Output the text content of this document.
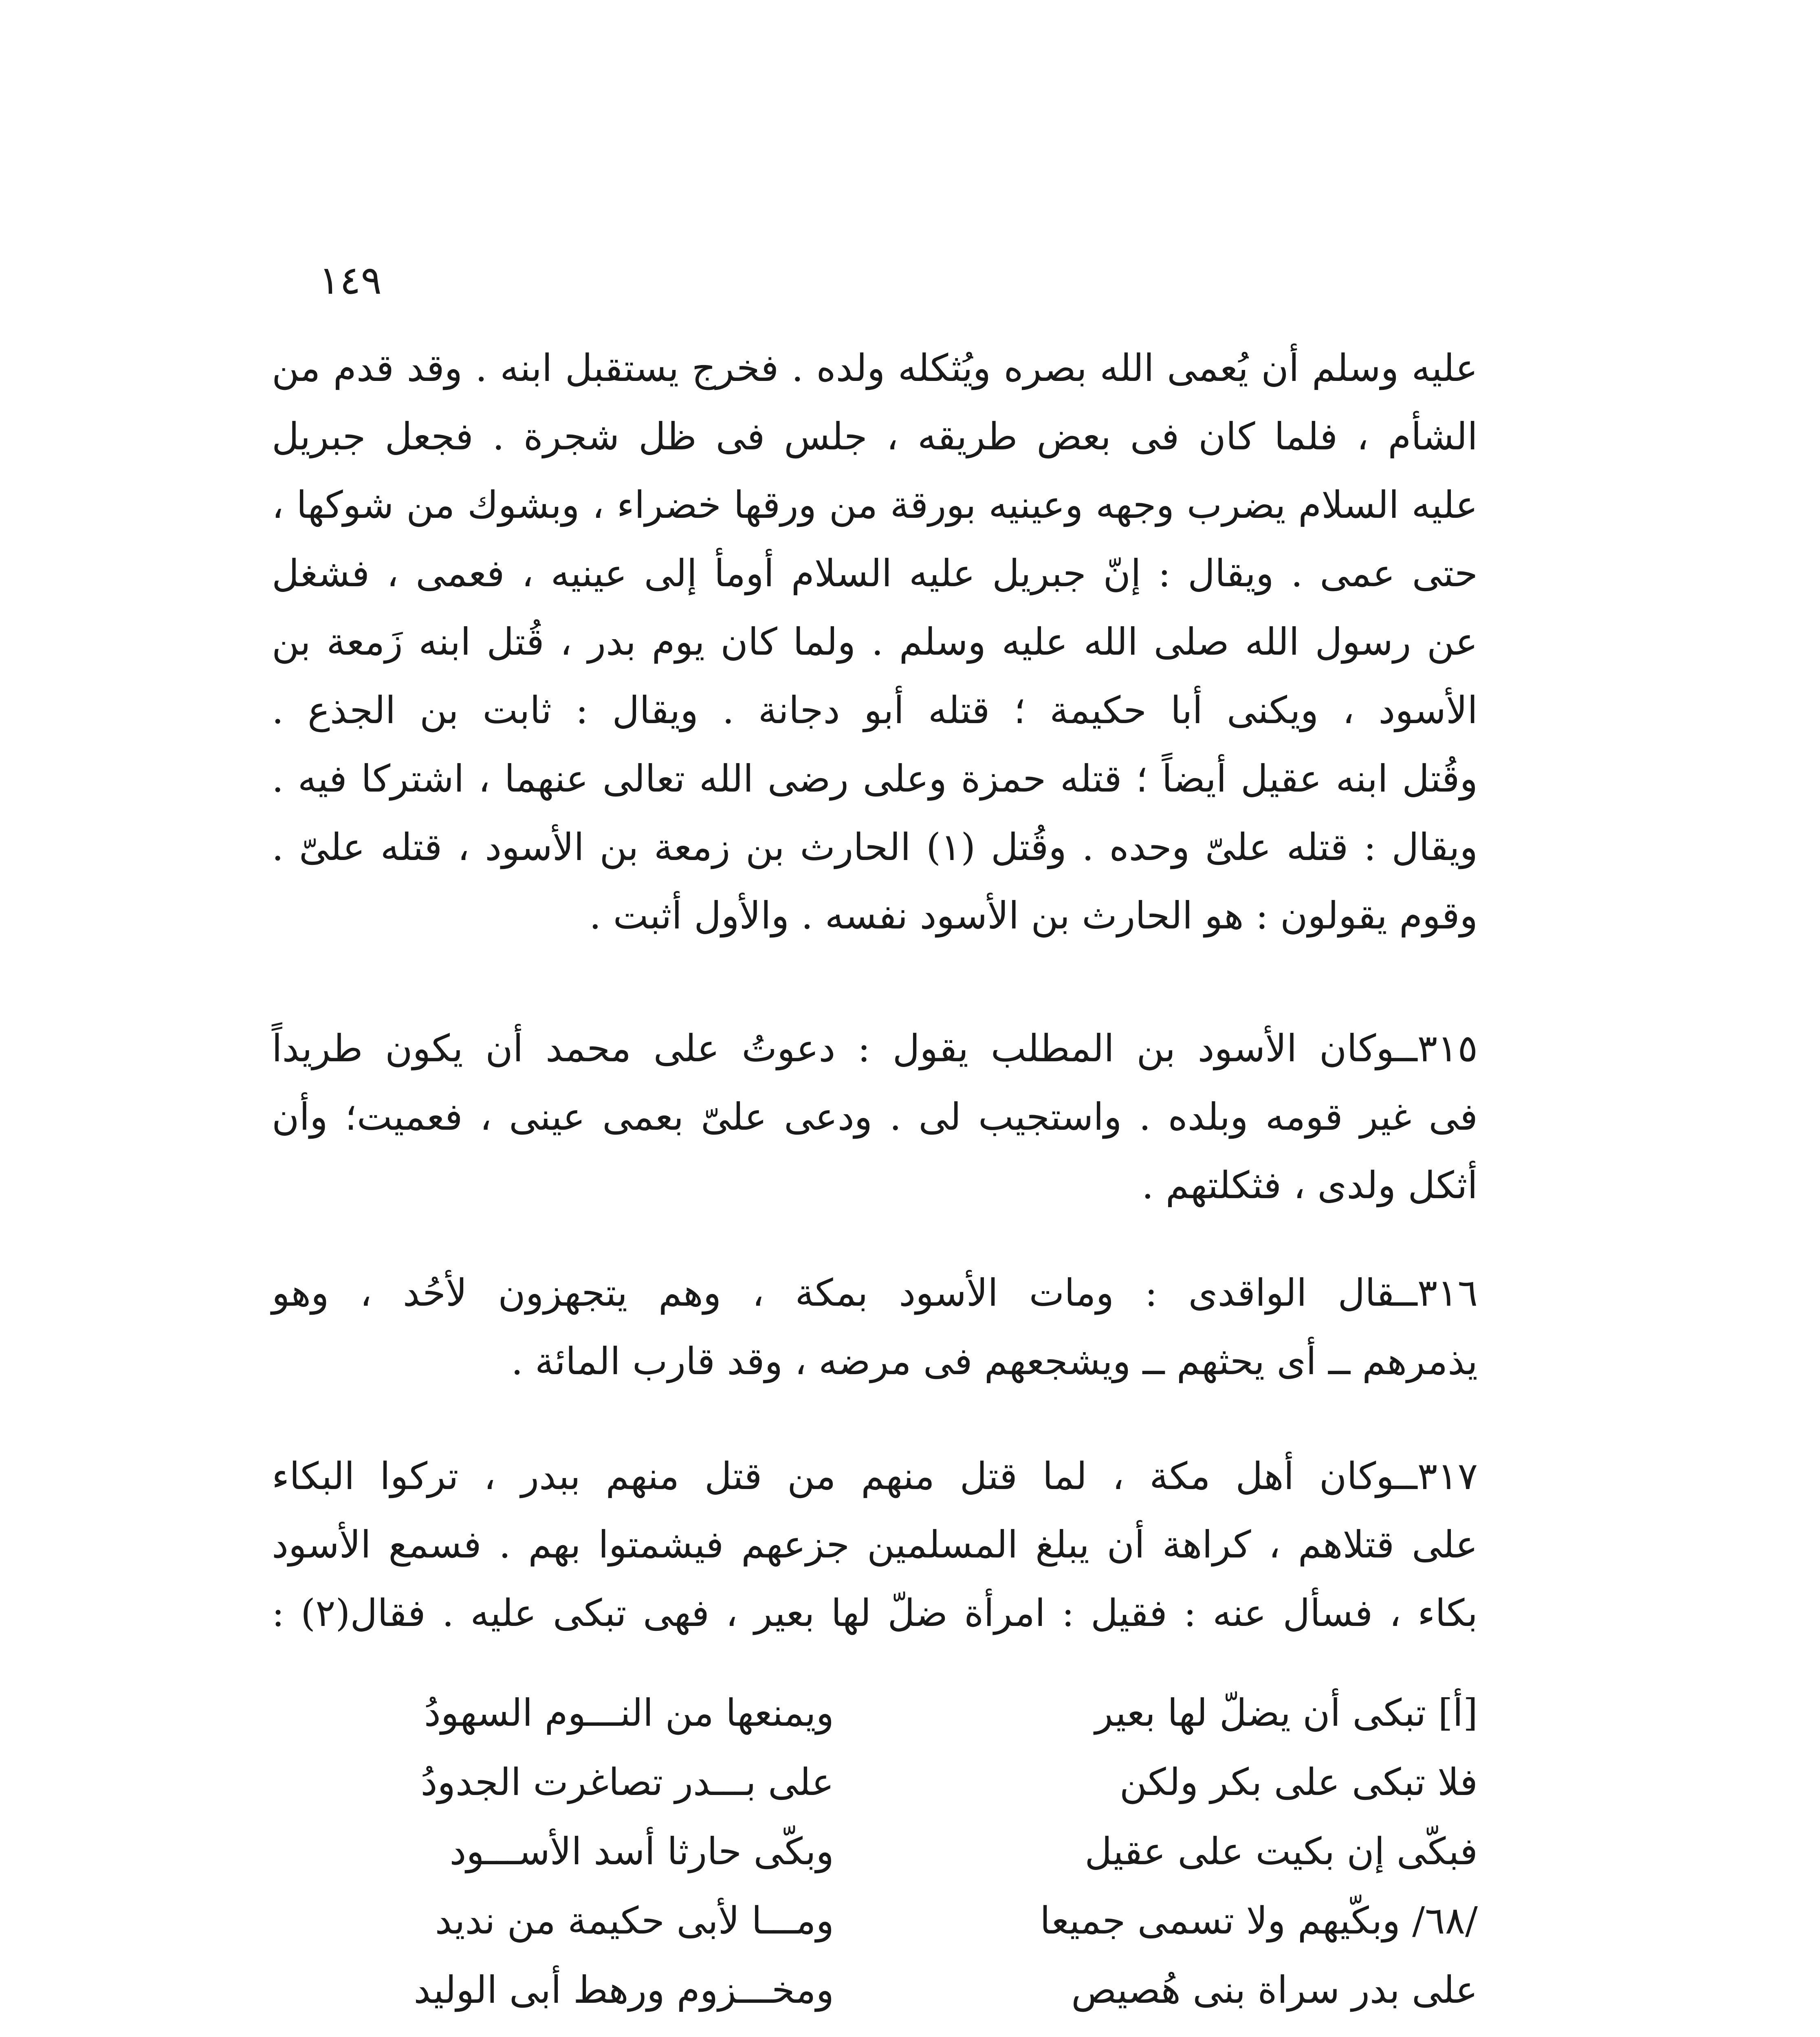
١٤٩
عليه وسلم أن يُعمى الله بصره ويُثكله ولده . فخرج يستقبل ابنه . وقد قدم من
الشأم ، فلما كان فى بعض طريقه ، جلس فى ظل شجرة . فجعل جبريل
عليه السلام يضرب وجهه وعينيه بورقة من ورقها خضراء ، وبشوك من شوكها ،
حتى عمى . ويقال : إنّ جبريل عليه السلام أومأ إلى عينيه ، فعمى ، فشغل
عن رسول الله صلى الله عليه وسلم . ولما كان يوم بدر ، قُتل ابنه زَمعة بن
الأسود ، ويكنى أبا حكيمة ؛ قتله أبو دجانة . ويقال : ثابت بن الجذع .
وقُتل ابنه عقيل أيضاً ؛ قتله حمزة وعلى رضى الله تعالى عنهما ، اشتركا فيه .
ويقال : قتله علىّ وحده . وقُتل (١) الحارث بن زمعة بن الأسود ، قتله علىّ .
وقوم يقولون : هو الحارث بن الأسود نفسه . والأول أثبت .
٣١٥ــوكان الأسود بن المطلب يقول : دعوتُ على محمد أن يكون طريداً
فى غير قومه وبلده . واستجيب لى . ودعى علىّ بعمى عينى ، فعميت؛ وأن
أثكل ولدى ، فثكلتهم .
٣١٦ــقال الواقدى : ومات الأسود بمكة ، وهم يتجهزون لأحُد ، وهو
يذمرهم ــ أى يحثهم ــ ويشجعهم فى مرضه ، وقد قارب المائة .
٣١٧ــوكان أهل مكة ، لما قتل منهم من قتل منهم ببدر ، تركوا البكاء
على قتلاهم ، كراهة أن يبلغ المسلمين جزعهم فيشمتوا بهم . فسمع الأسود
بكاء ، فسأل عنه : فقيل : امرأة ضلّ لها بعير ، فهى تبكى عليه . فقال(٢) :
[أ] تبكى أن يضلّ لها بعير
ويمنعها من النـــوم السهودُ
فلا تبكى على بكر ولكن
على بـــدر تصاغرت الجدودُ
فبكّى إن بكيت على عقيل
وبكّى حارثا أسد الأســـود
/٦٨/ وبكّيهم ولا تسمى جميعا
ومـــا لأبى حكيمة من نديد
على بدر سراة بنى هُصيص
ومخـــزوم ورهط أبى الوليد
